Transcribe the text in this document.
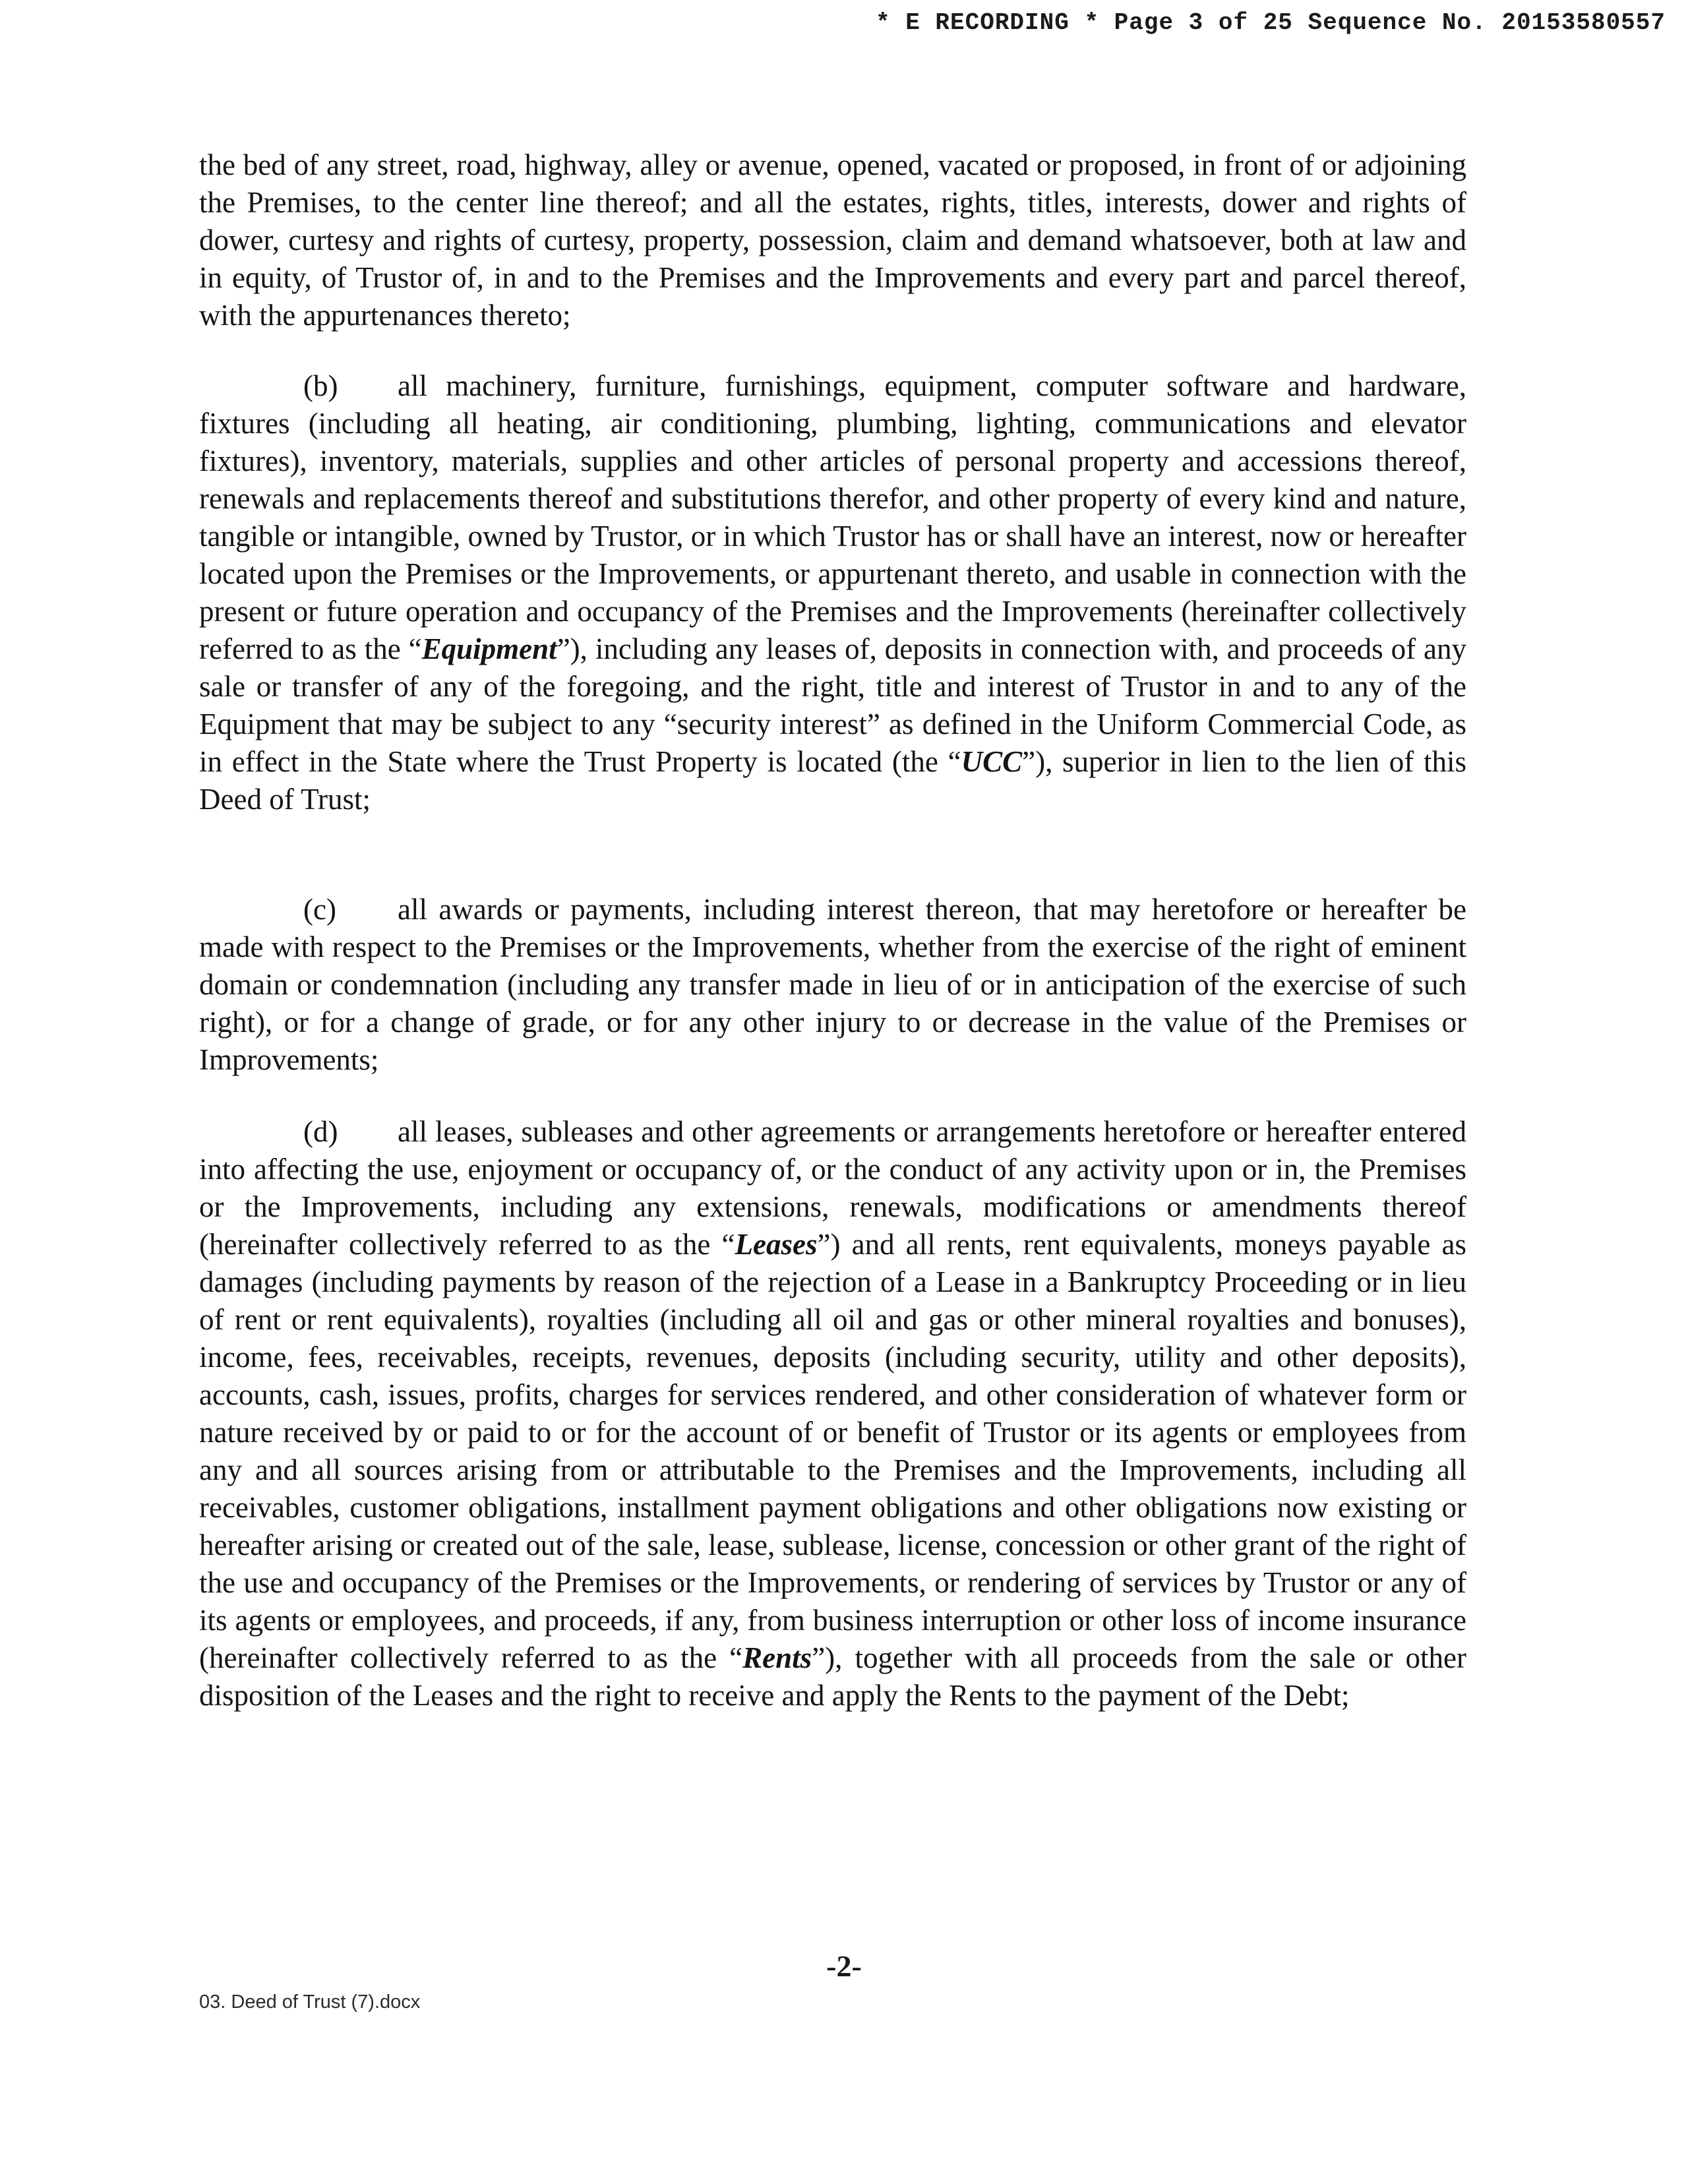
* E RECORDING * Page 3 of 25 Sequence No. 20153580557

the bed of any street, road, highway, alley or avenue, opened, vacated or proposed, in front of or adjoining the Premises, to the center line thereof; and all the estates, rights, titles, interests, dower and rights of dower, curtesy and rights of curtesy, property, possession, claim and demand whatsoever, both at law and in equity, of Trustor of, in and to the Premises and the Improvements and every part and parcel thereof, with the appurtenances thereto;

(b) all machinery, furniture, furnishings, equipment, computer software and hardware, fixtures (including all heating, air conditioning, plumbing, lighting, communications and elevator fixtures), inventory, materials, supplies and other articles of personal property and accessions thereof, renewals and replacements thereof and substitutions therefor, and other property of every kind and nature, tangible or intangible, owned by Trustor, or in which Trustor has or shall have an interest, now or hereafter located upon the Premises or the Improvements, or appurtenant thereto, and usable in connection with the present or future operation and occupancy of the Premises and the Improvements (hereinafter collectively referred to as the “Equipment”), including any leases of, deposits in connection with, and proceeds of any sale or transfer of any of the foregoing, and the right, title and interest of Trustor in and to any of the Equipment that may be subject to any “security interest” as defined in the Uniform Commercial Code, as in effect in the State where the Trust Property is located (the “UCC”), superior in lien to the lien of this Deed of Trust;

(c) all awards or payments, including interest thereon, that may heretofore or hereafter be made with respect to the Premises or the Improvements, whether from the exercise of the right of eminent domain or condemnation (including any transfer made in lieu of or in anticipation of the exercise of such right), or for a change of grade, or for any other injury to or decrease in the value of the Premises or Improvements;

(d) all leases, subleases and other agreements or arrangements heretofore or hereafter entered into affecting the use, enjoyment or occupancy of, or the conduct of any activity upon or in, the Premises or the Improvements, including any extensions, renewals, modifications or amendments thereof (hereinafter collectively referred to as the “Leases”) and all rents, rent equivalents, moneys payable as damages (including payments by reason of the rejection of a Lease in a Bankruptcy Proceeding or in lieu of rent or rent equivalents), royalties (including all oil and gas or other mineral royalties and bonuses), income, fees, receivables, receipts, revenues, deposits (including security, utility and other deposits), accounts, cash, issues, profits, charges for services rendered, and other consideration of whatever form or nature received by or paid to or for the account of or benefit of Trustor or its agents or employees from any and all sources arising from or attributable to the Premises and the Improvements, including all receivables, customer obligations, installment payment obligations and other obligations now existing or hereafter arising or created out of the sale, lease, sublease, license, concession or other grant of the right of the use and occupancy of the Premises or the Improvements, or rendering of services by Trustor or any of its agents or employees, and proceeds, if any, from business interruption or other loss of income insurance (hereinafter collectively referred to as the “Rents”), together with all proceeds from the sale or other disposition of the Leases and the right to receive and apply the Rents to the payment of the Debt;

-2-
03. Deed of Trust (7).docx
